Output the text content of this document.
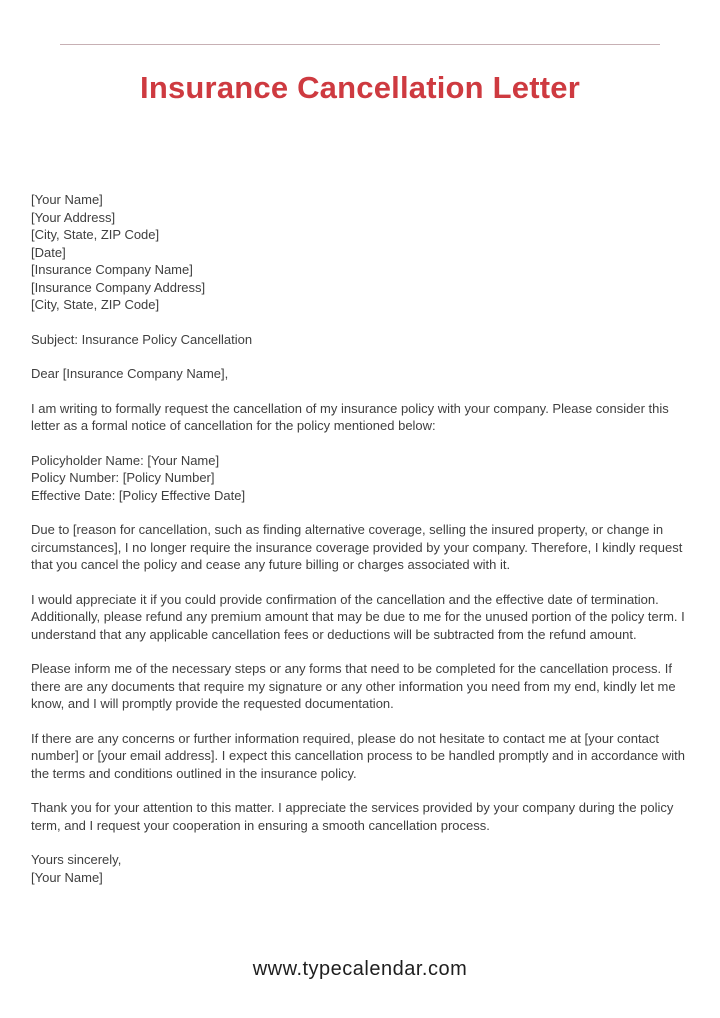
Insurance Cancellation Letter
[Your Name]
[Your Address]
[City, State, ZIP Code]
[Date]
[Insurance Company Name]
[Insurance Company Address]
[City, State, ZIP Code]
Subject: Insurance Policy Cancellation
Dear [Insurance Company Name],
I am writing to formally request the cancellation of my insurance policy with your company. Please consider this letter as a formal notice of cancellation for the policy mentioned below:
Policyholder Name: [Your Name]
Policy Number: [Policy Number]
Effective Date: [Policy Effective Date]
Due to [reason for cancellation, such as finding alternative coverage, selling the insured property, or change in circumstances], I no longer require the insurance coverage provided by your company. Therefore, I kindly request that you cancel the policy and cease any future billing or charges associated with it.
I would appreciate it if you could provide confirmation of the cancellation and the effective date of termination. Additionally, please refund any premium amount that may be due to me for the unused portion of the policy term. I understand that any applicable cancellation fees or deductions will be subtracted from the refund amount.
Please inform me of the necessary steps or any forms that need to be completed for the cancellation process. If there are any documents that require my signature or any other information you need from my end, kindly let me know, and I will promptly provide the requested documentation.
If there are any concerns or further information required, please do not hesitate to contact me at [your contact number] or [your email address]. I expect this cancellation process to be handled promptly and in accordance with the terms and conditions outlined in the insurance policy.
Thank you for your attention to this matter. I appreciate the services provided by your company during the policy term, and I request your cooperation in ensuring a smooth cancellation process.
Yours sincerely,
[Your Name]
www.typecalendar.com
